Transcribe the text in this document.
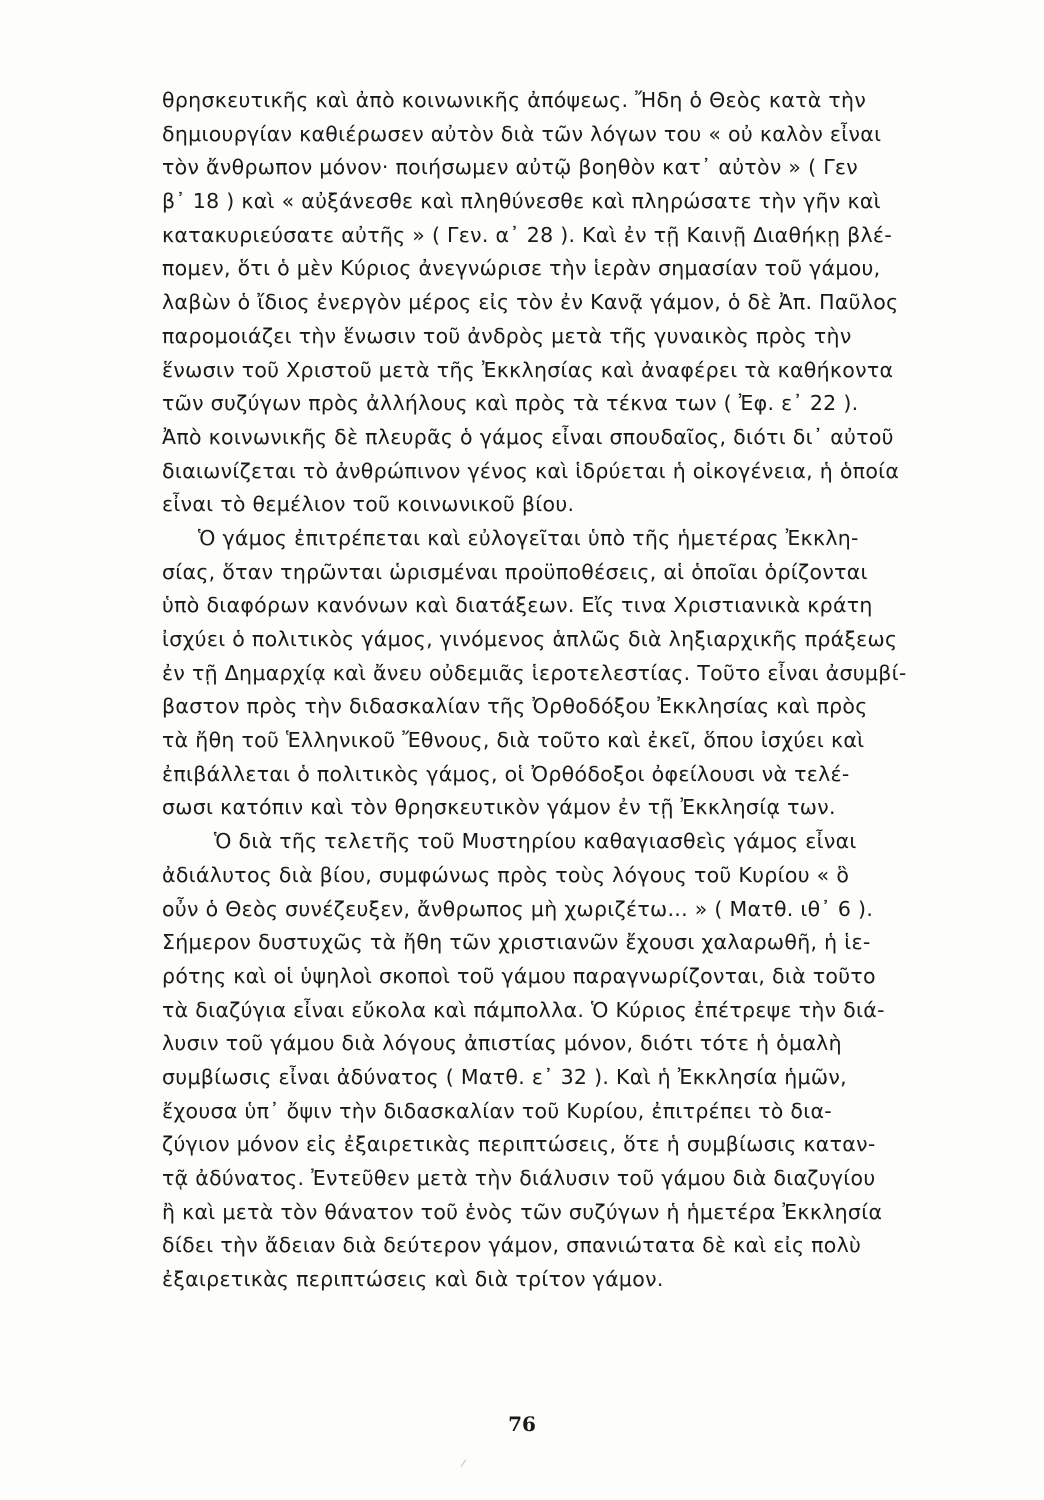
θρησκευτικῆς καὶ ἀπὸ κοινωνικῆς ἀπόψεως. Ἤδη ὁ Θεὸς κατὰ τὴν
δημιουργίαν καθιέρωσεν αὐτὸν διὰ τῶν λόγων του « οὐ καλὸν εἶναι
τὸν ἄνθρωπον μόνον· ποιήσωμεν αὐτῷ βοηθὸν κατ᾽ αὐτὸν » ( Γεν
β᾽ 18 ) καὶ « αὐξάνεσθε καὶ πληθύνεσθε καὶ πληρώσατε τὴν γῆν καὶ
κατακυριεύσατε αὐτῆς » ( Γεν. α᾽ 28 ). Καὶ ἐν τῇ Καινῇ Διαθήκῃ βλέ-
πομεν, ὅτι ὁ μὲν Κύριος ἀνεγνώρισε τὴν ἱερὰν σημασίαν τοῦ γάμου,
λαβὼν ὁ ἴδιος ἐνεργὸν μέρος εἰς τὸν ἐν Κανᾷ γάμον, ὁ δὲ Ἀπ. Παῦλος
παρομοιάζει τὴν ἕνωσιν τοῦ ἀνδρὸς μετὰ τῆς γυναικὸς πρὸς τὴν
ἕνωσιν τοῦ Χριστοῦ μετὰ τῆς Ἐκκλησίας καὶ ἀναφέρει τὰ καθήκοντα
τῶν συζύγων πρὸς ἀλλήλους καὶ πρὸς τὰ τέκνα των ( Ἐφ. ε᾽ 22 ).
Ἀπὸ κοινωνικῆς δὲ πλευρᾶς ὁ γάμος εἶναι σπουδαῖος, διότι δι᾽ αὐτοῦ
διαιωνίζεται τὸ ἀνθρώπινον γένος καὶ ἱδρύεται ἡ οἰκογένεια, ἡ ὁποία
εἶναι τὸ θεμέλιον τοῦ κοινωνικοῦ βίου.
Ὁ γάμος ἐπιτρέπεται καὶ εὐλογεῖται ὑπὸ τῆς ἡμετέρας Ἐκκλη-
σίας, ὅταν τηρῶνται ὡρισμέναι προϋποθέσεις, αἱ ὁποῖαι ὁρίζονται
ὑπὸ διαφόρων κανόνων καὶ διατάξεων. Εἴς τινα Χριστιανικὰ κράτη
ἰσχύει ὁ πολιτικὸς γάμος, γινόμενος ἁπλῶς διὰ ληξιαρχικῆς πράξεως
ἐν τῇ Δημαρχίᾳ καὶ ἄνευ οὐδεμιᾶς ἱεροτελεστίας. Τοῦτο εἶναι ἀσυμβί-
βαστον πρὸς τὴν διδασκαλίαν τῆς Ὀρθοδόξου Ἐκκλησίας καὶ πρὸς
τὰ ἤθη τοῦ Ἑλληνικοῦ Ἔθνους, διὰ τοῦτο καὶ ἐκεῖ, ὅπου ἰσχύει καὶ
ἐπιβάλλεται ὁ πολιτικὸς γάμος, οἱ Ὀρθόδοξοι ὀφείλουσι νὰ τελέ-
σωσι κατόπιν καὶ τὸν θρησκευτικὸν γάμον ἐν τῇ Ἐκκλησίᾳ των.
Ὁ διὰ τῆς τελετῆς τοῦ Μυστηρίου καθαγιασθεὶς γάμος εἶναι
ἀδιάλυτος διὰ βίου, συμφώνως πρὸς τοὺς λόγους τοῦ Κυρίου « ὃ
οὖν ὁ Θεὸς συνέζευξεν, ἄνθρωπος μὴ χωριζέτω... » ( Ματθ. ιθ᾽ 6 ).
Σήμερον δυστυχῶς τὰ ἤθη τῶν χριστιανῶν ἔχουσι χαλαρωθῆ, ἡ ἱε-
ρότης καὶ οἱ ὑψηλοὶ σκοποὶ τοῦ γάμου παραγνωρίζονται, διὰ τοῦτο
τὰ διαζύγια εἶναι εὔκολα καὶ πάμπολλα. Ὁ Κύριος ἐπέτρεψε τὴν διά-
λυσιν τοῦ γάμου διὰ λόγους ἀπιστίας μόνον, διότι τότε ἡ ὁμαλὴ
συμβίωσις εἶναι ἀδύνατος ( Ματθ. ε᾽ 32 ). Καὶ ἡ Ἐκκλησία ἡμῶν,
ἔχουσα ὑπ᾽ ὄψιν τὴν διδασκαλίαν τοῦ Κυρίου, ἐπιτρέπει τὸ δια-
ζύγιον μόνον εἰς ἐξαιρετικὰς περιπτώσεις, ὅτε ἡ συμβίωσις καταν-
τᾷ ἀδύνατος. Ἐντεῦθεν μετὰ τὴν διάλυσιν τοῦ γάμου διὰ διαζυγίου
ἢ καὶ μετὰ τὸν θάνατον τοῦ ἑνὸς τῶν συζύγων ἡ ἡμετέρα Ἐκκλησία
δίδει τὴν ἄδειαν διὰ δεύτερον γάμον, σπανιώτατα δὲ καὶ εἰς πολὺ
ἐξαιρετικὰς περιπτώσεις καὶ διὰ τρίτον γάμον.
76
